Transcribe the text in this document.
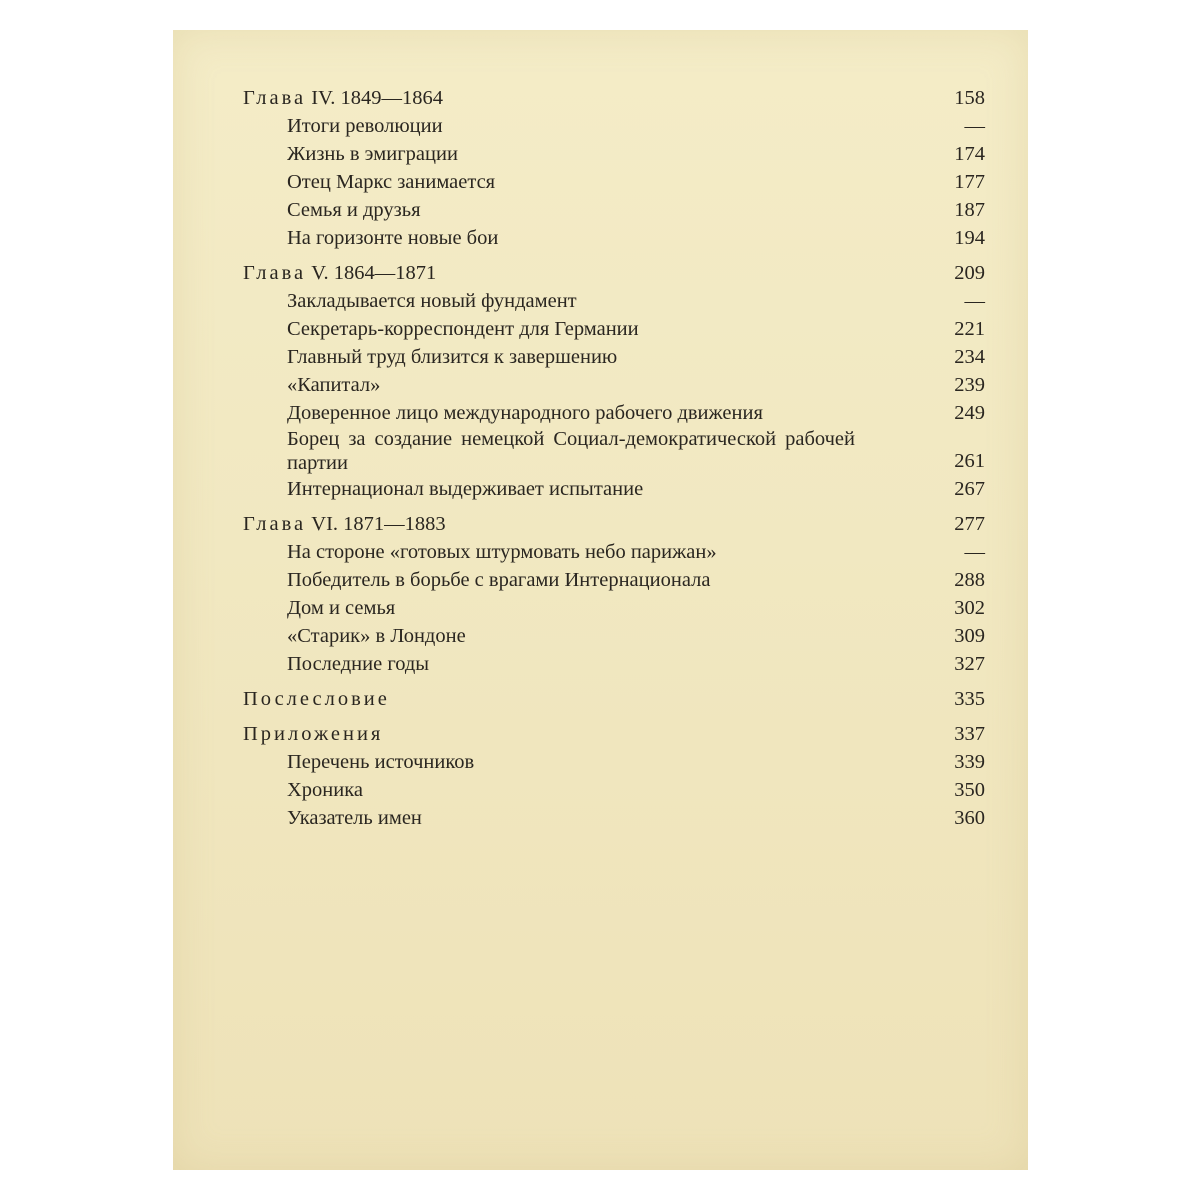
Глава IV. 1849—1864	158
Итоги революции	—
Жизнь в эмиграции	174
Отец Маркс занимается	177
Семья и друзья	187
На горизонте новые бои	194
Глава V. 1864—1871	209
Закладывается новый фундамент	—
Секретарь-корреспондент для Германии	221
Главный труд близится к завершению	234
«Капитал»	239
Доверенное лицо международного рабочего движения	249
Борец за создание немецкой Социал-демократической рабочей партии	261
Интернационал выдерживает испытание	267
Глава VI. 1871—1883	277
На стороне «готовых штурмовать небо парижан»	—
Победитель в борьбе с врагами Интернационала	288
Дом и семья	302
«Старик» в Лондоне	309
Последние годы	327
Послесловие	335
Приложения	337
Перечень источников	339
Хроника	350
Указатель имен	360
